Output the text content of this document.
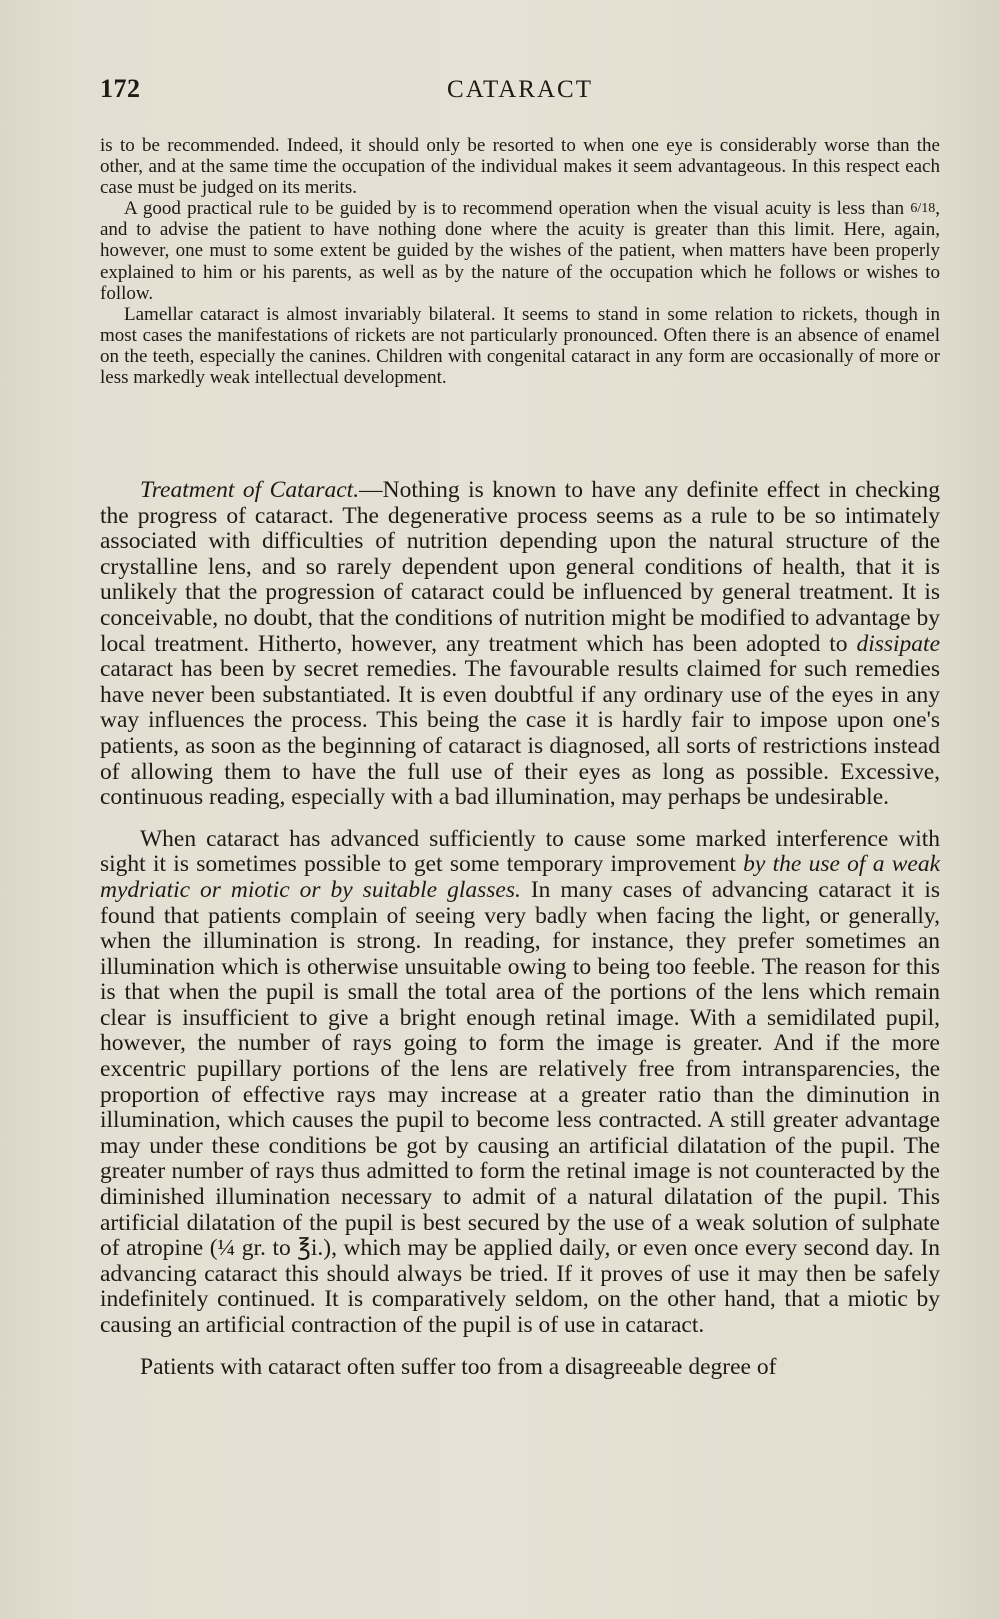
172	CATARACT

is to be recommended. Indeed, it should only be resorted to when one eye is considerably worse than the other, and at the same time the occupation of the individual makes it seem advantageous. In this respect each case must be judged on its merits.

A good practical rule to be guided by is to recommend operation when the visual acuity is less than 6/18, and to advise the patient to have nothing done where the acuity is greater than this limit. Here, again, however, one must to some extent be guided by the wishes of the patient, when matters have been properly explained to him or his parents, as well as by the nature of the occupation which he follows or wishes to follow.

Lamellar cataract is almost invariably bilateral. It seems to stand in some relation to rickets, though in most cases the manifestations of rickets are not particularly pronounced. Often there is an absence of enamel on the teeth, especially the canines. Children with congenital cataract in any form are occasionally of more or less markedly weak intellectual development.

Treatment of Cataract.—Nothing is known to have any definite effect in checking the progress of cataract. The degenerative process seems as a rule to be so intimately associated with difficulties of nutrition depending upon the natural structure of the crystalline lens, and so rarely dependent upon general conditions of health, that it is unlikely that the progression of cataract could be influenced by general treatment. It is conceivable, no doubt, that the conditions of nutrition might be modified to advantage by local treatment. Hitherto, however, any treatment which has been adopted to dissipate cataract has been by secret remedies. The favourable results claimed for such remedies have never been substantiated. It is even doubtful if any ordinary use of the eyes in any way influences the process. This being the case it is hardly fair to impose upon one's patients, as soon as the beginning of cataract is diagnosed, all sorts of restrictions instead of allowing them to have the full use of their eyes as long as possible. Excessive, continuous reading, especially with a bad illumination, may perhaps be undesirable.

When cataract has advanced sufficiently to cause some marked interference with sight it is sometimes possible to get some temporary improvement by the use of a weak mydriatic or miotic or by suitable glasses. In many cases of advancing cataract it is found that patients complain of seeing very badly when facing the light, or generally, when the illumination is strong. In reading, for instance, they prefer sometimes an illumination which is otherwise unsuitable owing to being too feeble. The reason for this is that when the pupil is small the total area of the portions of the lens which remain clear is insufficient to give a bright enough retinal image. With a semidilated pupil, however, the number of rays going to form the image is greater. And if the more excentric pupillary portions of the lens are relatively free from intransparencies, the proportion of effective rays may increase at a greater ratio than the diminution in illumination, which causes the pupil to become less contracted. A still greater advantage may under these conditions be got by causing an artificial dilatation of the pupil. The greater number of rays thus admitted to form the retinal image is not counteracted by the diminished illumination necessary to admit of a natural dilatation of the pupil. This artificial dilatation of the pupil is best secured by the use of a weak solution of sulphate of atropine (¼ gr. to ℥i.), which may be applied daily, or even once every second day. In advancing cataract this should always be tried. If it proves of use it may then be safely indefinitely continued. It is comparatively seldom, on the other hand, that a miotic by causing an artificial contraction of the pupil is of use in cataract.

Patients with cataract often suffer too from a disagreeable degree of
